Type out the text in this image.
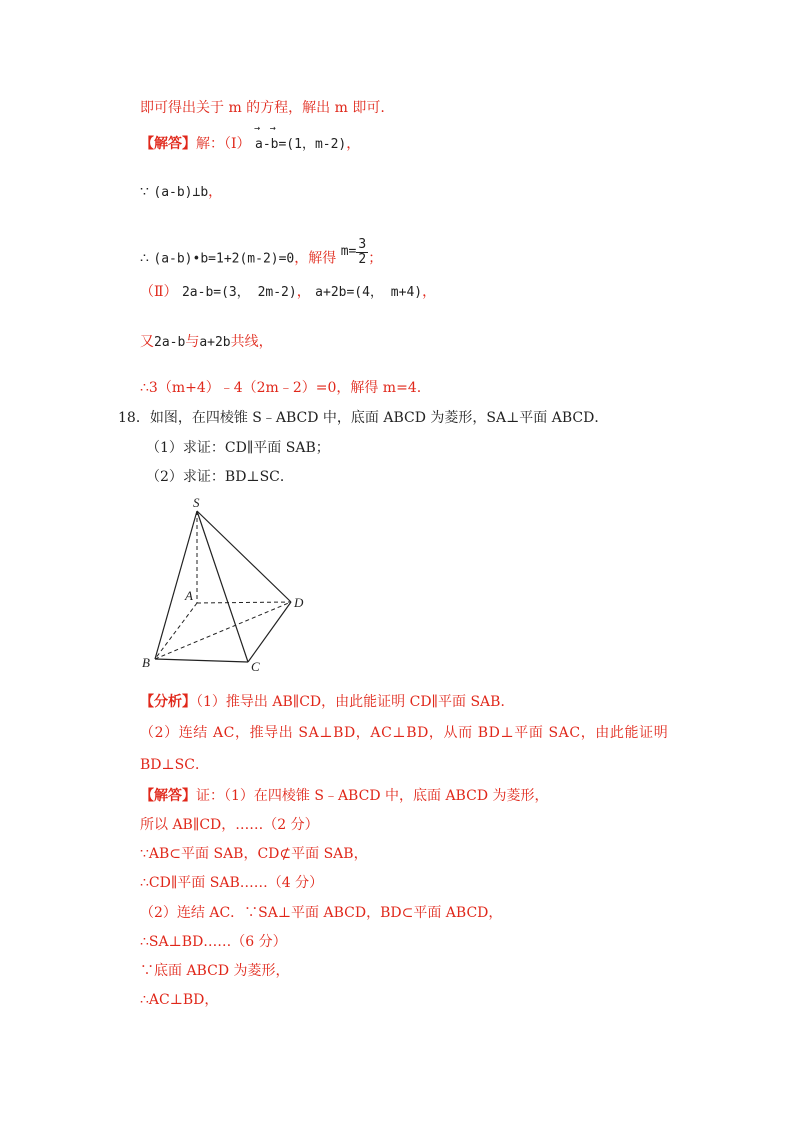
即可得出关于 m 的方程，解出 m 即可.
【解答】解：（Ⅰ） → a-→ b=(1，m-2)，
∵ (a-b)⊥b，
∴ (a-b)•b=1+2(m-2)=0，解得 $m= \frac{3}{2}$ ；
（Ⅱ） 2a-b=(3， 2m-2)， a+2b=(4， m+4)，
又2a-b与a+2b共线，
∴3（m+4）﹣4（2m﹣2）=0，解得 m=4.
18．如图，在四棱锥 S﹣ABCD 中，底面 ABCD 为菱形，SA⊥平面 ABCD．
（1）求证：CD∥平面 SAB；
（2）求证：BD⊥SC．
S
A
B	C
D
【分析】（1）推导出 AB∥CD，由此能证明 CD∥平面 SAB．
（2）连结 AC，推导出 SA⊥BD，AC⊥BD，从而 BD⊥平面 SAC，由此能证明
BD⊥SC．
【解答】证：（1）在四棱锥 S﹣ABCD 中，底面 ABCD 为菱形，
所以 AB∥CD，……（2 分）
∵AB⊂平面 SAB，CD⊄平面 SAB，
∴CD∥平面 SAB……（4 分）
（2）连结 AC．∵SA⊥平面 ABCD，BD⊂平面 ABCD，
∴SA⊥BD……（6 分）
∵底面 ABCD 为菱形，
∴AC⊥BD，
